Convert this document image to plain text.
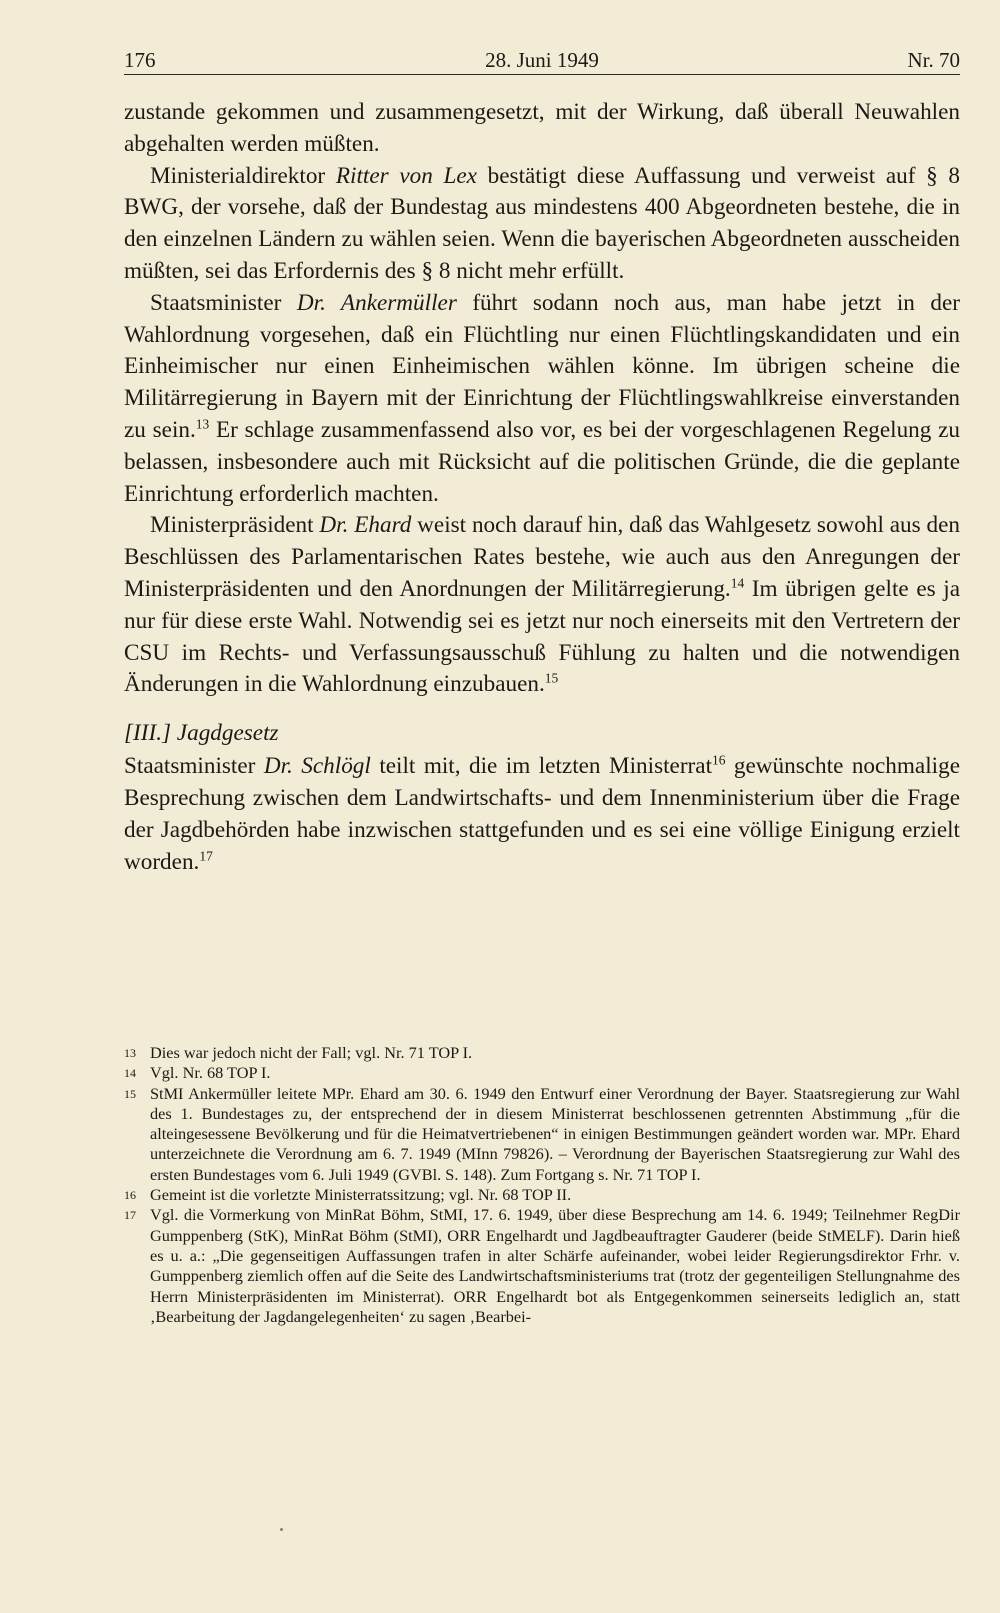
176	28. Juni 1949	Nr. 70

zustande gekommen und zusammengesetzt, mit der Wirkung, daß überall Neuwahlen abgehalten werden müßten.

Ministerialdirektor Ritter von Lex bestätigt diese Auffassung und verweist auf § 8 BWG, der vorsehe, daß der Bundestag aus mindestens 400 Abgeordneten bestehe, die in den einzelnen Ländern zu wählen seien. Wenn die bayerischen Abgeordneten ausscheiden müßten, sei das Erfordernis des § 8 nicht mehr erfüllt.

Staatsminister Dr. Ankermüller führt sodann noch aus, man habe jetzt in der Wahlordnung vorgesehen, daß ein Flüchtling nur einen Flüchtlingskandidaten und ein Einheimischer nur einen Einheimischen wählen könne. Im übrigen scheine die Militärregierung in Bayern mit der Einrichtung der Flüchtlingswahlkreise einverstanden zu sein.$^{13}$ Er schlage zusammenfassend also vor, es bei der vorgeschlagenen Regelung zu belassen, insbesondere auch mit Rücksicht auf die politischen Gründe, die die geplante Einrichtung erforderlich machten.

Ministerpräsident Dr. Ehard weist noch darauf hin, daß das Wahlgesetz sowohl aus den Beschlüssen des Parlamentarischen Rates bestehe, wie auch aus den Anregungen der Ministerpräsidenten und den Anordnungen der Militärregierung.$^{14}$ Im übrigen gelte es ja nur für diese erste Wahl. Notwendig sei es jetzt nur noch einerseits mit den Vertretern der CSU im Rechts- und Verfassungsausschuß Fühlung zu halten und die notwendigen Änderungen in die Wahlordnung einzubauen.$^{15}$

[III.] Jagdgesetz

Staatsminister Dr. Schlögl teilt mit, die im letzten Ministerrat$^{16}$ gewünschte nochmalige Besprechung zwischen dem Landwirtschafts- und dem Innenministerium über die Frage der Jagdbehörden habe inzwischen stattgefunden und es sei eine völlige Einigung erzielt worden.$^{17}$

13 Dies war jedoch nicht der Fall; vgl. Nr. 71 TOP I.
14 Vgl. Nr. 68 TOP I.
15 StMI Ankermüller leitete MPr. Ehard am 30. 6. 1949 den Entwurf einer Verordnung der Bayer. Staatsregierung zur Wahl des 1. Bundestages zu, der entsprechend der in diesem Ministerrat beschlossenen getrennten Abstimmung „für die alteingesessene Bevölkerung und für die Heimatvertriebenen“ in einigen Bestimmungen geändert worden war. MPr. Ehard unterzeichnete die Verordnung am 6. 7. 1949 (MInn 79826). – Verordnung der Bayerischen Staatsregierung zur Wahl des ersten Bundestages vom 6. Juli 1949 (GVBl. S. 148). Zum Fortgang s. Nr. 71 TOP I.
16 Gemeint ist die vorletzte Ministerratssitzung; vgl. Nr. 68 TOP II.
17 Vgl. die Vormerkung von MinRat Böhm, StMI, 17. 6. 1949, über diese Besprechung am 14. 6. 1949; Teilnehmer RegDir Gumppenberg (StK), MinRat Böhm (StMI), ORR Engelhardt und Jagdbeauftragter Gauderer (beide StMELF). Darin hieß es u. a.: „Die gegenseitigen Auffassungen trafen in alter Schärfe aufeinander, wobei leider Regierungsdirektor Frhr. v. Gumppenberg ziemlich offen auf die Seite des Landwirtschaftsministeriums trat (trotz der gegenteiligen Stellungnahme des Herrn Ministerpräsidenten im Ministerrat). ORR Engelhardt bot als Entgegenkommen seinerseits lediglich an, statt ‚Bearbeitung der Jagdangelegenheiten‘ zu sagen ‚Bearbei-
